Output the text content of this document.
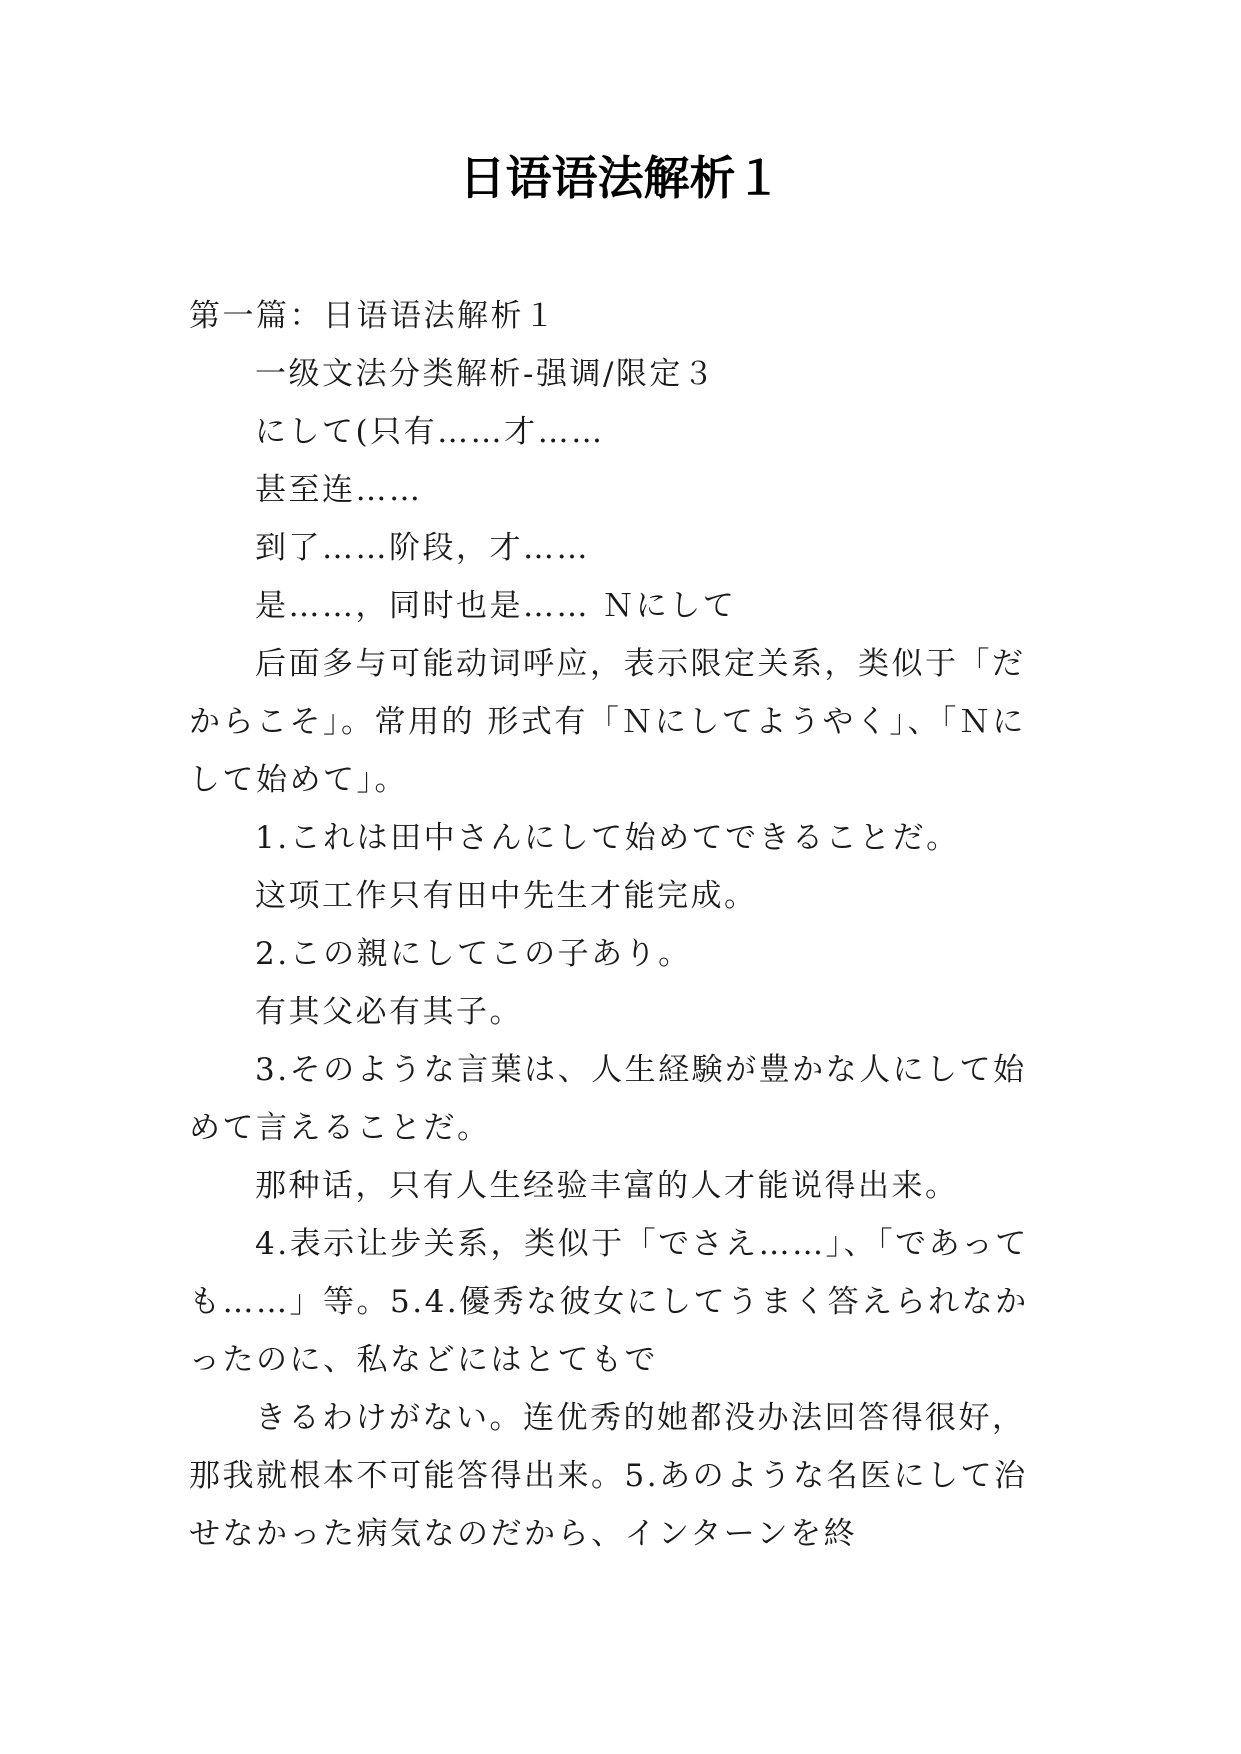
日语语法解析１

第一篇：日语语法解析１

一级文法分类解析-强调/限定３

にして(只有……才……

甚至连……

到了……阶段，才……

是……，同时也是…… Ｎにして

后面多与可能动词呼应，表示限定关系，类似于「だからこそ」。常用的 形式有「Ｎにしてようやく」、「Ｎにして始めて」。

1.これは田中さんにして始めてできることだ。

这项工作只有田中先生才能完成。

2.この親にしてこの子あり。

有其父必有其子。

3.そのような言葉は、人生経験が豊かな人にして始めて言えることだ。

那种话，只有人生经验丰富的人才能说得出来。

4.表示让步关系，类似于「でさえ……」、「であっても……」等。5.4.優秀な彼女にしてうまく答えられなかったのに、私などにはとてもで

きるわけがない。连优秀的她都没办法回答得很好，那我就根本不可能答得出来。5.あのような名医にして治せなかった病気なのだから、インターンを終
